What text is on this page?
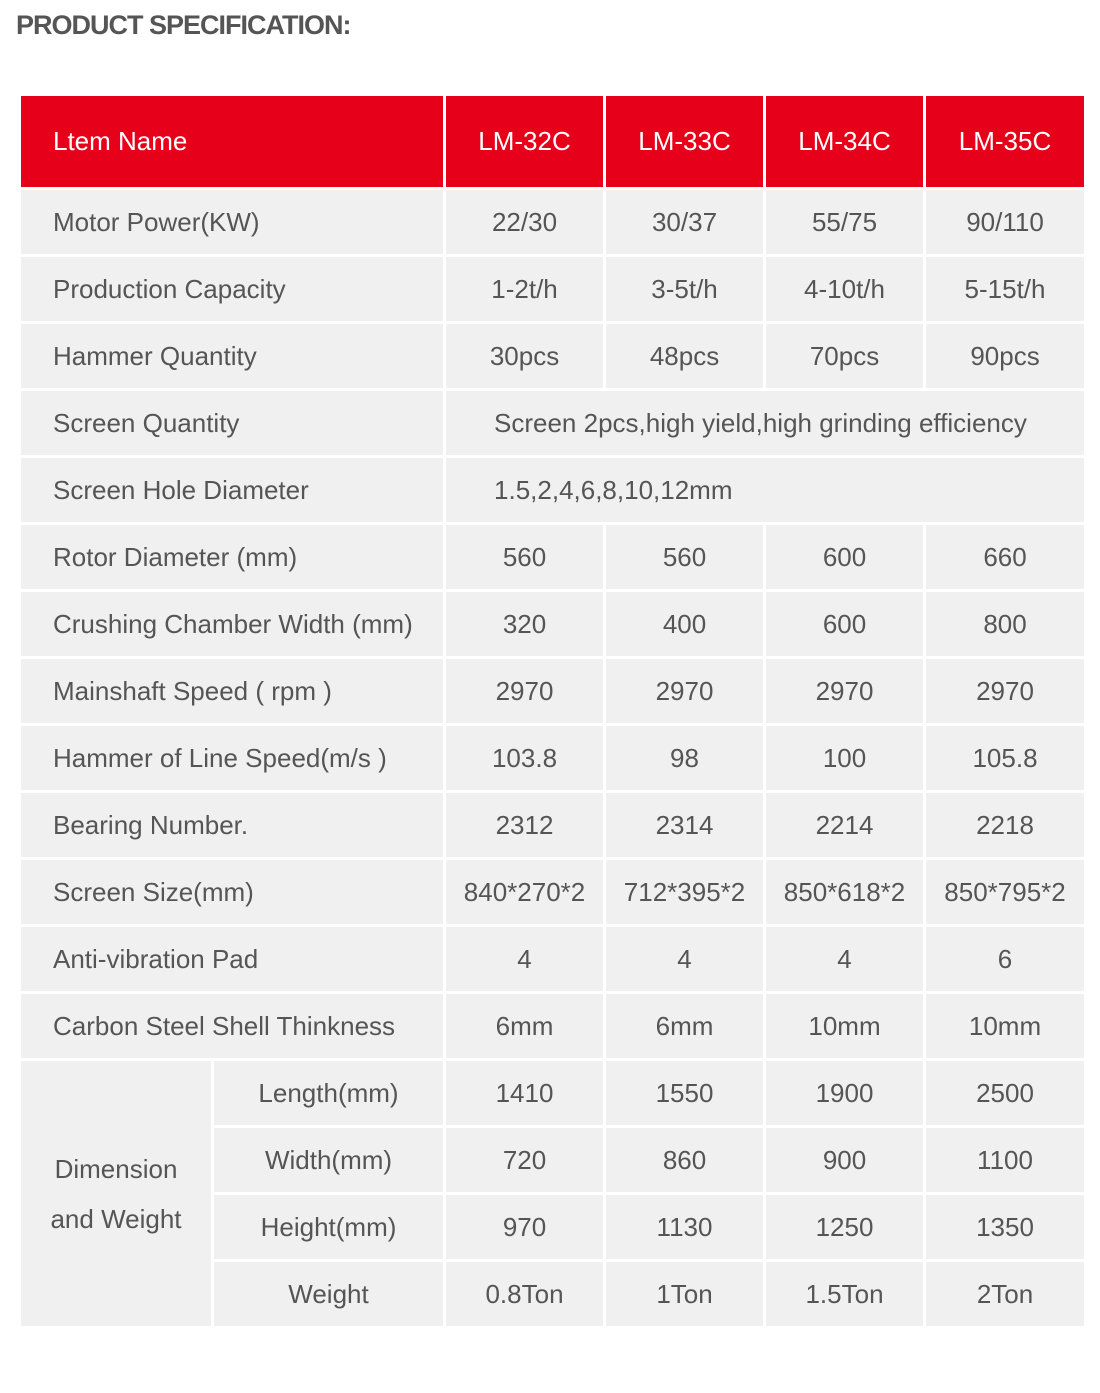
PRODUCT SPECIFICATION:
Ltem Name		LM-32C	LM-33C	LM-34C	LM-35C
Motor Power(KW)		22/30	30/37	55/75	90/110
Production Capacity		1-2t/h	3-5t/h	4-10t/h	5-15t/h
Hammer Quantity		30pcs	48pcs	70pcs	90pcs
Screen Quantity		Screen 2pcs,high yield,high grinding efficiency			
Screen Hole Diameter		1.5,2,4,6,8,10,12mm			
Rotor Diameter (mm)		560	560	600	660
Crushing Chamber Width (mm)		320	400	600	800
Mainshaft Speed ( rpm )		2970	2970	2970	2970
Hammer of Line Speed(m/s )		103.8	98	100	105.8
Bearing Number.		2312	2314	2214	2218
Screen Size(mm)		840*270*2	712*395*2	850*618*2	850*795*2
Anti-vibration Pad		4	4	4	6
Carbon Steel Shell Thinkness		6mm	6mm	10mm	10mm
Dimension
and Weight	Length(mm)	1410	1550	1900	2500
	Width(mm)	720	860	900	1100
	Height(mm)	970	1130	1250	1350
	Weight	0.8Ton	1Ton	1.5Ton	2Ton
